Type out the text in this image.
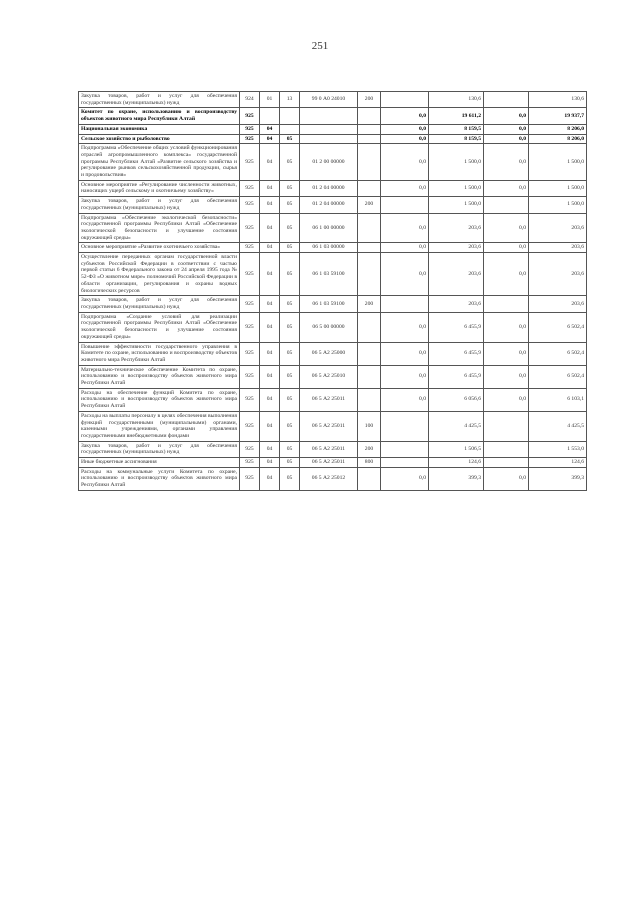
251
Закупка товаров, работ и услуг для обеспечения государственных (муниципальных) нужд	924	01	13	99 0 А0 24010	200		130,6		130,6
Комитет по охране, использованию и воспроизводству объектов животного мира Республики Алтай	925					0,0	19 611,2	0,0	19 937,7
Национальная экономика	925	04				0,0	8 159,5	0,0	8 206,0
Сельское хозяйство и рыболовство	925	04	05			0,0	8 159,5	0,0	8 206,0
Подпрограмма «Обеспечение общих условий функционирования отраслей агропромышленного комплекса» государственной программы Республики Алтай «Развитие сельского хозяйства и регулирование рынков сельскохозяйственной продукции, сырья и продовольствия»	925	04	05	01 2 00 00000		0,0	1 500,0	0,0	1 500,0
Основное мероприятие «Регулирование численности животных, наносящих ущерб сельскому и охотничьему хозяйству»	925	04	05	01 2 04 00000		0,0	1 500,0	0,0	1 500,0
Закупка товаров, работ и услуг для обеспечения государственных (муниципальных) нужд	925	04	05	01 2 04 00000	200		1 500,0		1 500,0
Подпрограмма «Обеспечение экологической безопасности» государственной программы Республики Алтай «Обеспечение экологической безопасности и улучшение состояния окружающей среды»	925	04	05	06 1 00 00000		0,0	203,6	0,0	203,6
Основное мероприятие «Развитие охотничьего хозяйства»	925	04	05	06 1 03 00000		0,0	203,6	0,0	203,6
Осуществление переданных органам государственной власти субъектов Российской Федерации в соответствии с частью первой статьи 6 Федерального закона от 24 апреля 1995 года № 52-ФЗ «О животном мире» полномочий Российской Федерации в области организации, регулирования и охраны водных биологических ресурсов	925	04	05	06 1 03 59100		0,0	203,6	0,0	203,6
Закупка товаров, работ и услуг для обеспечения государственных (муниципальных) нужд	925	04	05	06 1 03 59100	200		203,6		203,6
Подпрограмма «Создание условий для реализации государственной программы Республики Алтай «Обеспечение экологической безопасности и улучшение состояния окружающей среды»	925	04	05	06 5 00 00000		0,0	6 455,9	0,0	6 502,4
Повышение эффективности государственного управления в Комитете по охране, использованию и воспроизводству объектов животного мира Республики Алтай	925	04	05	06 5 А2 25000		0,0	6 455,9	0,0	6 502,4
Материально-техническое обеспечение Комитета по охране, использованию и воспроизводству объектов животного мира Республики Алтай	925	04	05	06 5 А2 25010		0,0	6 455,9	0,0	6 502,4
Расходы на обеспечение функций Комитета по охране, использованию и воспроизводству объектов животного мира Республики Алтай	925	04	05	06 5 А2 25011		0,0	6 056,6	0,0	6 103,1
Расходы на выплаты персоналу в целях обеспечения выполнения функций государственными (муниципальными) органами, казенными учреждениями, органами управления государственными внебюджетными фондами	925	04	05	06 5 А2 25011	100		4 425,5		4 425,5
Закупка товаров, работ и услуг для обеспечения государственных (муниципальных) нужд	925	04	05	06 5 А2 25011	200		1 506,5		1 553,0
Иные бюджетные ассигнования	925	04	05	06 5 А2 25011	800		124,6		124,6
Расходы на коммунальные услуги Комитета по охране, использованию и воспроизводству объектов животного мира Республики Алтай	925	04	05	06 5 А2 25012		0,0	399,3	0,0	399,3
